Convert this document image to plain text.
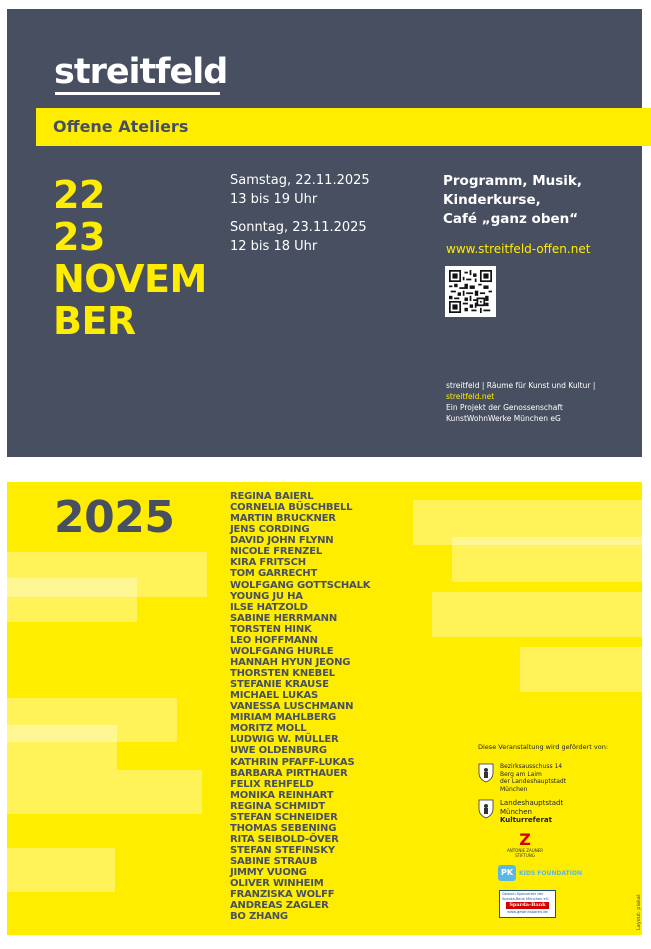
streitfeld
Offene Ateliers
22
23
NOVEM
BER
Samstag, 22.11.2025
13 bis 19 Uhr
Sonntag, 23.11.2025
12 bis 18 Uhr
Programm, Musik,
Kinderkurse,
Café „ganz oben“
www.streitfeld-offen.net
streitfeld | Räume für Kunst und Kultur |
streitfeld.net
Ein Projekt der Genossenschaft
KunstWohnWerke München eG
2025	REGINA BAIERL
CORNELIA BÜSCHBELL
MARTIN BRUCKNER
JENS CORDING
DAVID JOHN FLYNN
NICOLE FRENZEL
KIRA FRITSCH
TOM GARRECHT
WOLFGANG GOTTSCHALK
YOUNG JU HA
ILSE HATZOLD
SABINE HERRMANN
TORSTEN HINK
LEO HOFFMANN
WOLFGANG HURLE
HANNAH HYUN JEONG
THORSTEN KNEBEL
STEFANIE KRAUSE
MICHAEL LUKAS
VANESSA LUSCHMANN
MIRIAM MAHLBERG
MORITZ MOLL
LUDWIG W. MÜLLER
UWE OLDENBURG
KATHRIN PFAFF-LUKAS
BARBARA PIRTHAUER
FELIX REHFELD
MONIKA REINHART
REGINA SCHMIDT
STEFAN SCHNEIDER
THOMAS SEBENING
RITA SEIBOLD-ÖVER
STEFAN STEFINSKY
SABINE STRAUB
JIMMY VUONG
OLIVER WINHEIM
FRANZISKA WOLFF
ANDREAS ZAGLER
BO ZHANG
Diese Veranstaltung wird gefördert von:
Bezirksausschuss 14
Berg am Laim
der Landeshauptstadt
München
Landeshauptstadt
München
Kulturreferat
Z
ANTONIE ZAUNER
STIFTUNG
PK KIDS FOUNDATION
Gewinn-Sparverein der
Sparda-Bank München eG
Sparda-Bank
www.gewinnsparen.de	Layout: plakat
